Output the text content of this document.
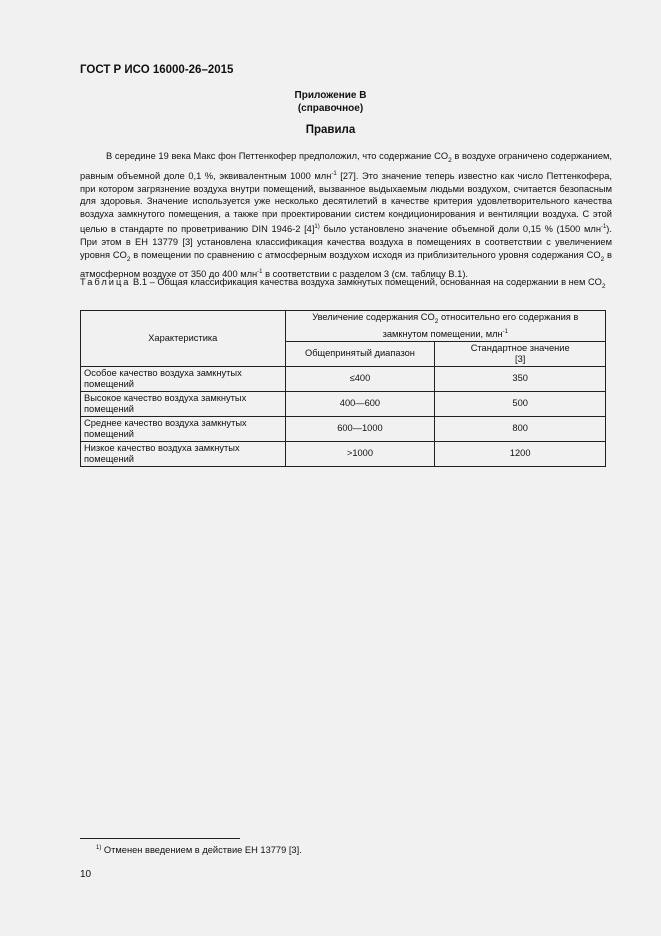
ГОСТ Р ИСО 16000-26–2015
Приложение В
(справочное)
Правила

В середине 19 века Макс фон Петтенкофер предположил, что содержание $CO_2$ в воздухе ограничено содержанием, равным объемной доле 0,1 %, эквивалентным 1000 млн$^{-1}$ [27]. Это значение теперь известно как число Петтенкофера, при котором загрязнение воздуха внутри помещений, вызванное выдыхаемым людьми воздухом, считается безопасным для здоровья. Значение используется уже несколько десятилетий в качестве критерия удовлетворительного качества воздуха замкнутого помещения, а также при проектировании систем кондиционирования и вентиляции воздуха. С этой целью в стандарте по проветриванию DIN 1946-2 $[4]^{1)}$ было установлено значение объемной доли 0,15 % (1500 млн$^{-1}$). При этом в ЕН 13779 [3] установлена классификация качества воздуха в помещениях в соответствии с увеличением уровня $CO_2$ в помещении по сравнению с атмосферным воздухом исходя из приблизительного уровня содержания $CO_2$ в атмосферном воздухе от 350 до 400 млн$^{-1}$ в соответствии с разделом 3 (см. таблицу В.1).

Таблица В.1 – Общая классификация качества воздуха замкнутых помещений, основанная на содержании в нем $CO_2$
Характеристика	Увеличение содержания $CO_2$ относительно его содержания в замкнутом помещении, млн$^{-1}$
	Общепринятый диапазон	Стандартное значение
[3]

Особое качество воздуха замкнутых помещений	≤400	350
Высокое качество воздуха замкнутых помещений	400—600	500
Среднее качество воздуха замкнутых помещений	600—1000	800
Низкое качество воздуха замкнутых помещений	>1000	1200
$^{1)}$ Отменен введением в действие ЕН 13779 [3].
10
